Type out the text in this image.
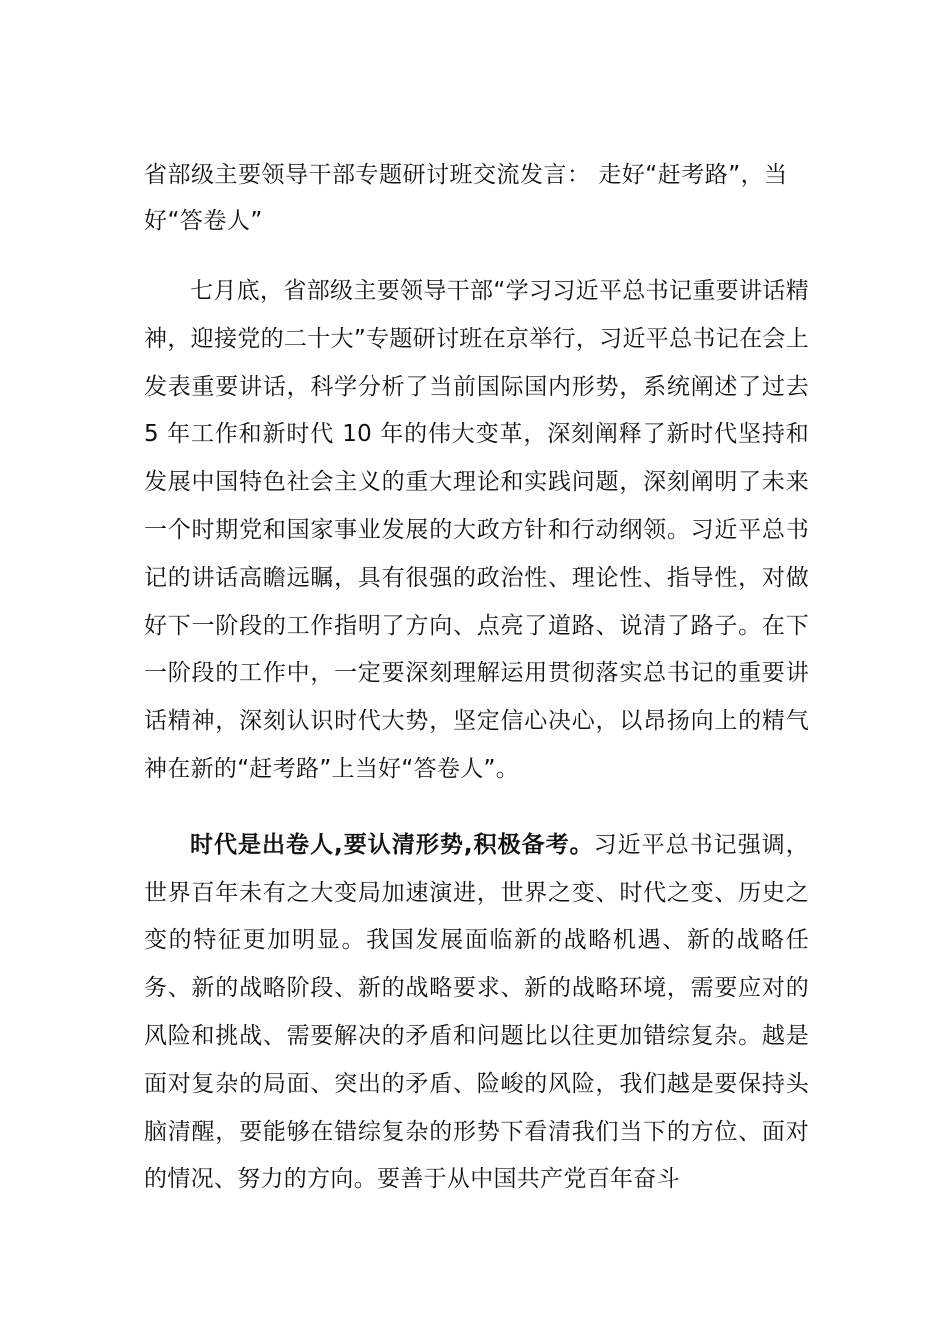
省部级主要领导干部专题研讨班交流发言： 走好“赶考路”，当好“答卷人”

七月底，省部级主要领导干部“学习习近平总书记重要讲话精神，迎接党的二十大”专题研讨班在京举行，习近平总书记在会上发表重要讲话，科学分析了当前国际国内形势，系统阐述了过去 5 年工作和新时代 10 年的伟大变革，深刻阐释了新时代坚持和发展中国特色社会主义的重大理论和实践问题，深刻阐明了未来一个时期党和国家事业发展的大政方针和行动纲领。习近平总书记的讲话高瞻远瞩，具有很强的政治性、理论性、指导性，对做好下一阶段的工作指明了方向、点亮了道路、说清了路子。在下一阶段的工作中，一定要深刻理解运用贯彻落实总书记的重要讲话精神，深刻认识时代大势，坚定信心决心，以昂扬向上的精气神在新的“赶考路”上当好“答卷人”。

时代是出卷人,要认清形势,积极备考。习近平总书记强调，世界百年未有之大变局加速演进，世界之变、时代之变、历史之变的特征更加明显。我国发展面临新的战略机遇、新的战略任务、新的战略阶段、新的战略要求、新的战略环境，需要应对的风险和挑战、需要解决的矛盾和问题比以往更加错综复杂。越是面对复杂的局面、突出的矛盾、险峻的风险，我们越是要保持头脑清醒，要能够在错综复杂的形势下看清我们当下的方位、面对的情况、努力的方向。要善于从中国共产党百年奋斗
